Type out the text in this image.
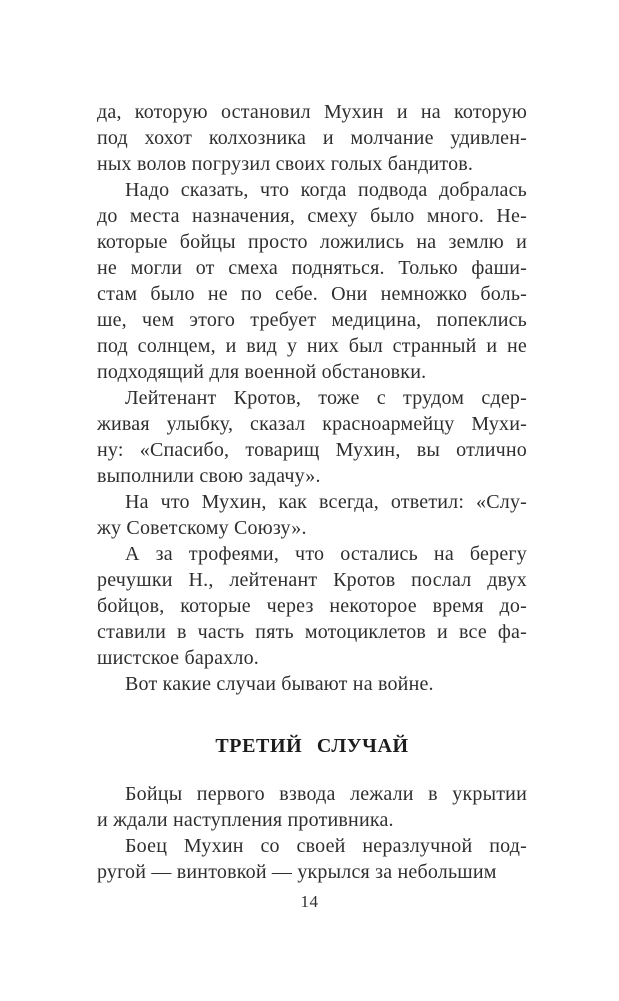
да, которую остановил Мухин и на которую
под хохот колхозника и молчание удивлен-
ных волов погрузил своих голых бандитов.
Надо сказать, что когда подвода добралась
до места назначения, смеху было много. Не-
которые бойцы просто ложились на землю и
не могли от смеха подняться. Только фаши-
стам было не по себе. Они немножко боль-
ше, чем этого требует медицина, попеклись
под солнцем, и вид у них был странный и не
подходящий для военной обстановки.
Лейтенант Кротов, тоже с трудом сдер-
живая улыбку, сказал красноармейцу Мухи-
ну: «Спасибо, товарищ Мухин, вы отлично
выполнили свою задачу».
На что Мухин, как всегда, ответил: «Слу-
жу Советскому Союзу».
А за трофеями, что остались на берегу
речушки Н., лейтенант Кротов послал двух
бойцов, которые через некоторое время до-
ставили в часть пять мотоциклетов и все фа-
шистское барахло.
Вот какие случаи бывают на войне.
ТРЕТИЙ СЛУЧАЙ
Бойцы первого взвода лежали в укрытии
и ждали наступления противника.
Боец Мухин со своей неразлучной под-
ругой — винтовкой — укрылся за небольшим
14
